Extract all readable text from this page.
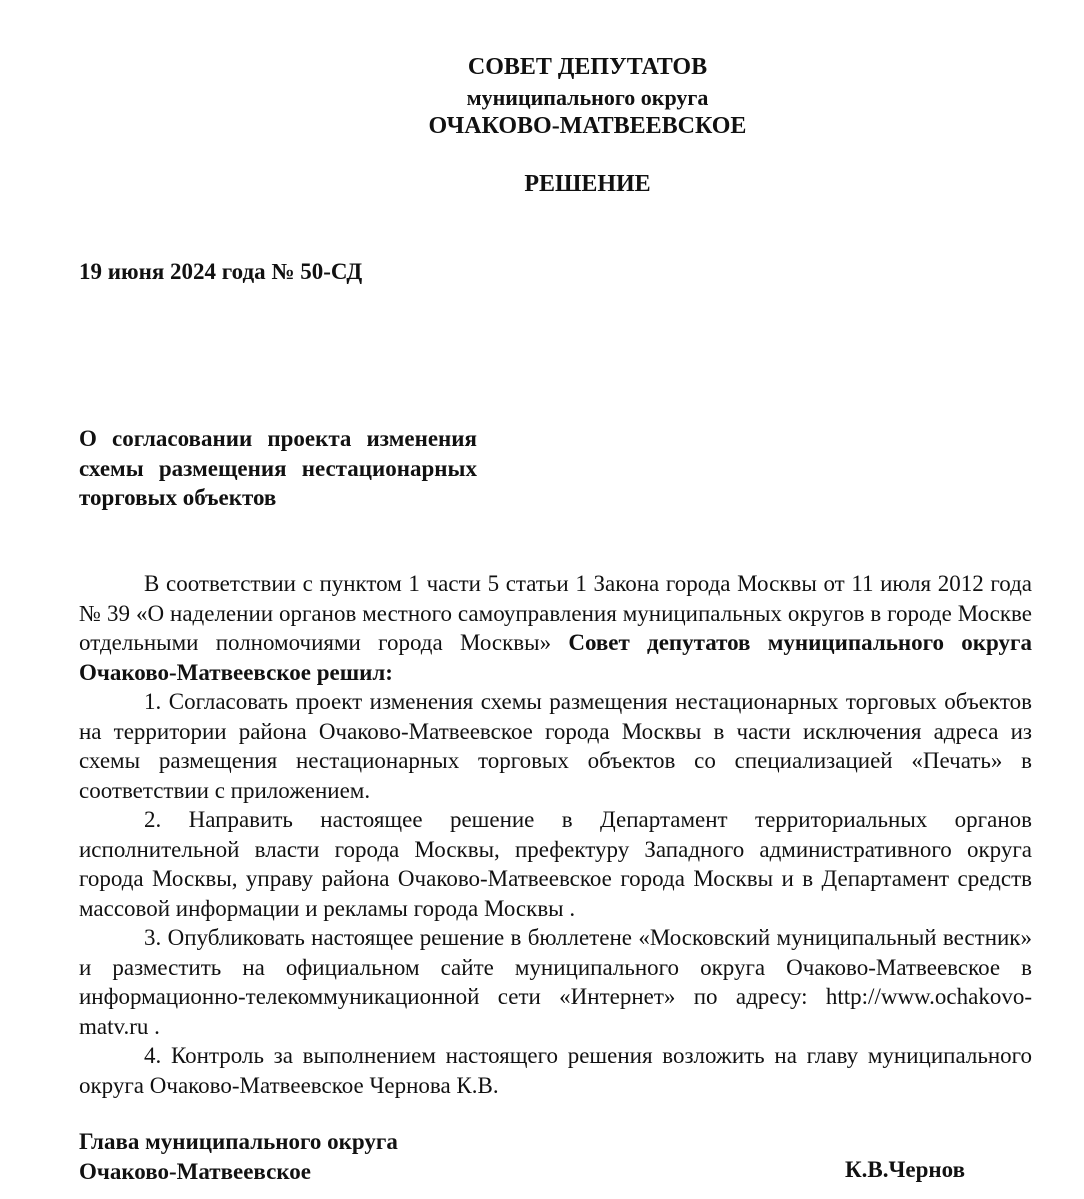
СОВЕТ ДЕПУТАТОВ
муниципального округа
ОЧАКОВО-МАТВЕЕВСКОЕ
РЕШЕНИЕ
19 июня 2024 года № 50-СД
О согласовании проекта изменения схемы размещения нестационарных торговых объектов

В соответствии с пунктом 1 части 5 статьи 1 Закона города Москвы от 11 июля 2012 года № 39 «О наделении органов местного самоуправления муниципальных округов в городе Москве отдельными полномочиями города Москвы» Совет депутатов муниципального округа Очаково-Матвеевское решил:

1. Согласовать проект изменения схемы размещения нестационарных торговых объектов на территории района Очаково-Матвеевское города Москвы в части исключения адреса из схемы размещения нестационарных торговых объектов со специализацией «Печать» в соответствии с приложением.

2. Направить настоящее решение в Департамент территориальных органов исполнительной власти города Москвы, префектуру Западного административного округа города Москвы, управу района Очаково-Матвеевское города Москвы и в Департамент средств массовой информации и рекламы города Москвы .

3. Опубликовать настоящее решение в бюллетене «Московский муниципальный вестник» и разместить на официальном сайте муниципального округа Очаково-Матвеевское в информационно-телекоммуникационной сети «Интернет» по адресу: http://www.ochakovo-matv.ru .

4. Контроль за выполнением настоящего решения возложить на главу муниципального округа Очаково-Матвеевское Чернова К.В.

Глава муниципального округа
Очаково-Матвеевское	К.В.Чернов
